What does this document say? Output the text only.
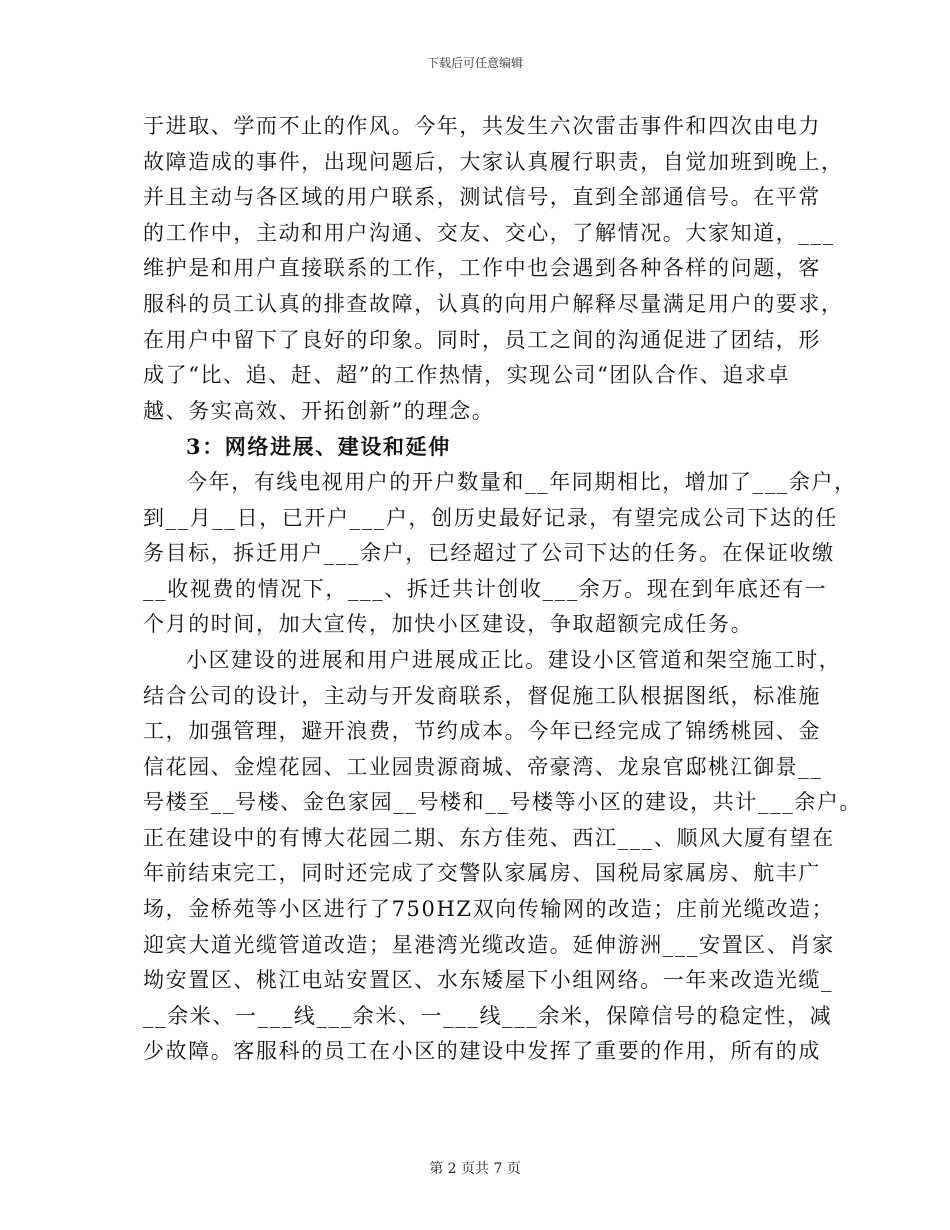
下载后可任意编辑
于进取、学而不止的作风。今年，共发生六次雷击事件和四次由电力
故障造成的事件，出现问题后，大家认真履行职责，自觉加班到晚上，
并且主动与各区域的用户联系，测试信号，直到全部通信号。在平常
的工作中，主动和用户沟通、交友、交心，了解情况。大家知道，___
维护是和用户直接联系的工作，工作中也会遇到各种各样的问题，客
服科的员工认真的排查故障，认真的向用户解释尽量满足用户的要求，
在用户中留下了良好的印象。同时，员工之间的沟通促进了团结，形
成了“比、追、赶、超”的工作热情，实现公司“团队合作、追求卓
越、务实高效、开拓创新”的理念。
3：网络进展、建设和延伸
今年，有线电视用户的开户数量和__年同期相比，增加了___余户，
到__月__日，已开户___户，创历史最好记录，有望完成公司下达的任
务目标，拆迁用户___余户，已经超过了公司下达的任务。在保证收缴
__收视费的情况下，___、拆迁共计创收___余万。现在到年底还有一
个月的时间，加大宣传，加快小区建设，争取超额完成任务。
小区建设的进展和用户进展成正比。建设小区管道和架空施工时，
结合公司的设计，主动与开发商联系，督促施工队根据图纸，标准施
工，加强管理，避开浪费，节约成本。今年已经完成了锦绣桃园、金
信花园、金煌花园、工业园贵源商城、帝豪湾、龙泉官邸桃江御景__
号楼至__号楼、金色家园__号楼和__号楼等小区的建设，共计___余户。
正在建设中的有博大花园二期、东方佳苑、西江___、顺风大厦有望在
年前结束完工，同时还完成了交警队家属房、国税局家属房、航丰广
场，金桥苑等小区进行了750HZ双向传输网的改造；庄前光缆改造；
迎宾大道光缆管道改造；星港湾光缆改造。延伸游洲___安置区、肖家
坳安置区、桃江电站安置区、水东矮屋下小组网络。一年来改造光缆_
__余米、一___线___余米、一___线___余米，保障信号的稳定性，减
少故障。客服科的员工在小区的建设中发挥了重要的作用，所有的成
第 2 页共 7 页
